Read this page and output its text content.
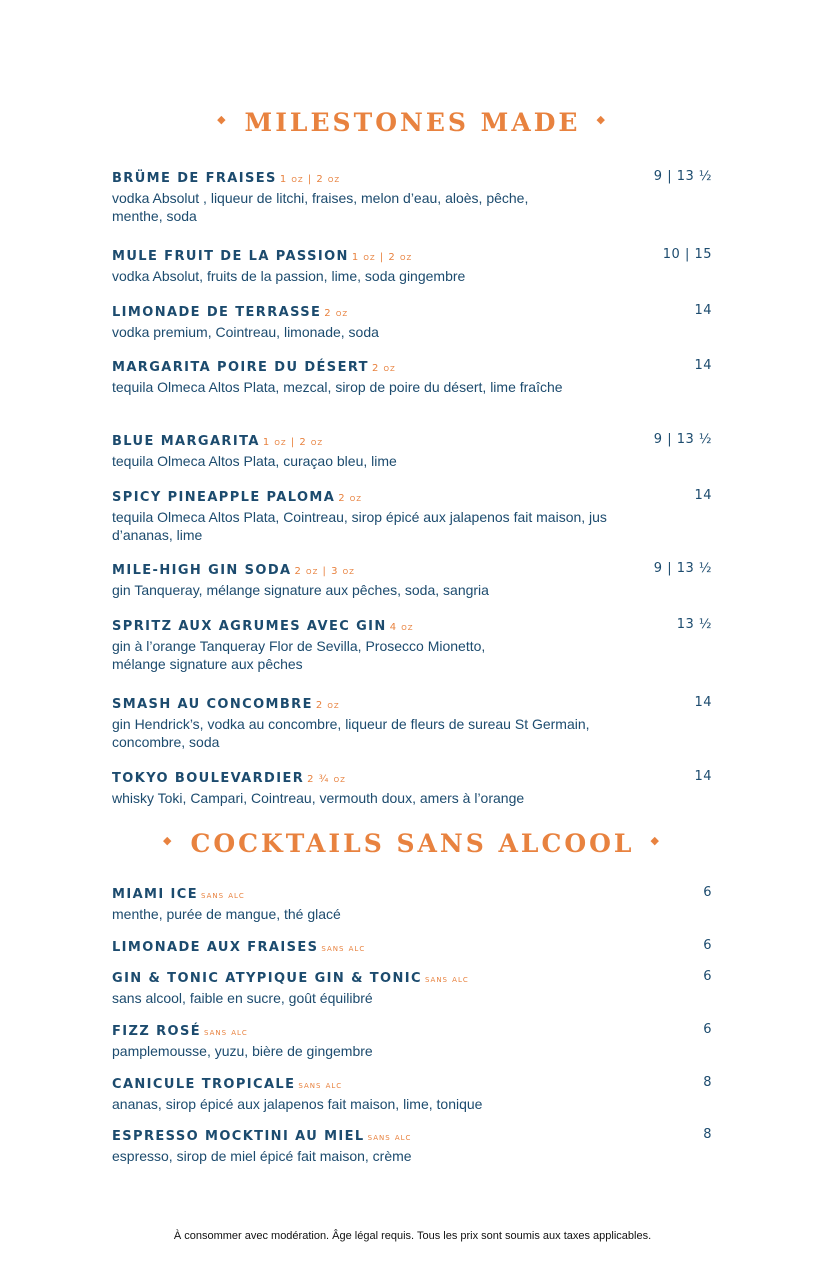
◆ MILESTONES MADE ◆
BRÜME DE FRAISES 1 oz | 2 oz	9 | 13 ½
vodka Absolut , liqueur de litchi, fraises, melon d’eau, aloès, pêche, menthe, soda
MULE FRUIT DE LA PASSION 1 oz | 2 oz	10 | 15
vodka Absolut, fruits de la passion, lime, soda gingembre
LIMONADE DE TERRASSE 2 oz	14
vodka premium, Cointreau, limonade, soda
MARGARITA POIRE DU DÉSERT 2 oz	14
tequila Olmeca Altos Plata, mezcal, sirop de poire du désert, lime fraîche
BLUE MARGARITA 1 oz | 2 oz	9 | 13 ½
tequila Olmeca Altos Plata, curaçao bleu, lime
SPICY PINEAPPLE PALOMA 2 oz	14
tequila Olmeca Altos Plata, Cointreau, sirop épicé aux jalapenos fait maison, jus d’ananas, lime
MILE-HIGH GIN SODA 2 oz | 3 oz	9 | 13 ½
gin Tanqueray, mélange signature aux pêches, soda, sangria
SPRITZ AUX AGRUMES AVEC GIN 4 oz	13 ½
gin à l’orange Tanqueray Flor de Sevilla, Prosecco Mionetto, mélange signature aux pêches
SMASH AU CONCOMBRE 2 oz	14
gin Hendrick’s, vodka au concombre, liqueur de fleurs de sureau St Germain, concombre, soda
TOKYO BOULEVARDIER 2 ¾ oz	14
whisky Toki, Campari, Cointreau, vermouth doux, amers à l’orange
◆ COCKTAILS SANS ALCOOL ◆
MIAMI ICE sans alc	6
menthe, purée de mangue, thé glacé
LIMONADE AUX FRAISES sans alc	6
GIN & TONIC ATYPIQUE GIN & TONIC sans alc	6
sans alcool, faible en sucre, goût équilibré
FIZZ ROSÉ sans alc	6
pamplemousse, yuzu, bière de gingembre
CANICULE TROPICALE sans alc	8
ananas, sirop épicé aux jalapenos fait maison, lime, tonique
ESPRESSO MOCKTINI AU MIEL sans alc	8
espresso, sirop de miel épicé fait maison, crème
À consommer avec modération. Âge légal requis. Tous les prix sont soumis aux taxes applicables.
